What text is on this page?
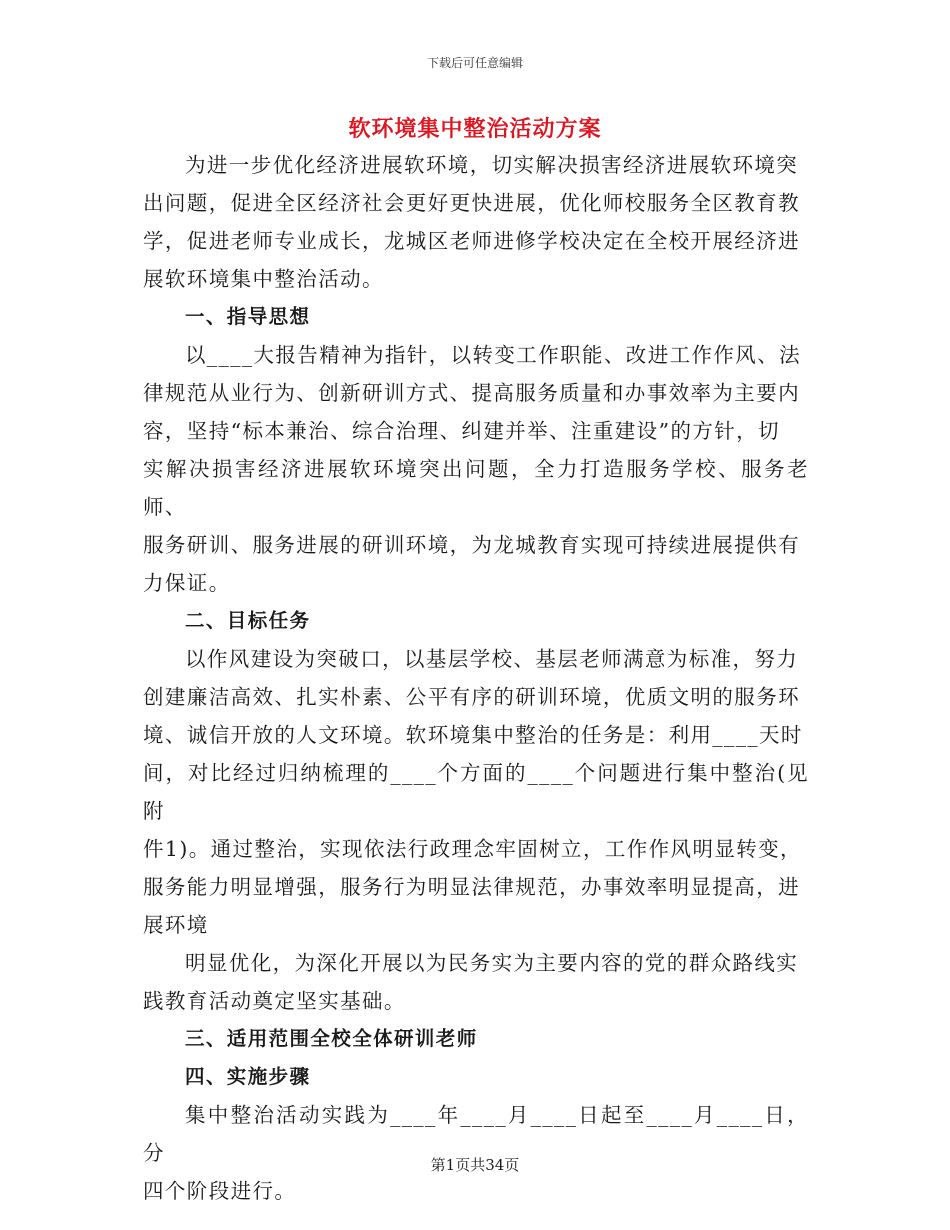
下载后可任意编辑
软环境集中整治活动方案

为进一步优化经济进展软环境，切实解决损害经济进展软环境突
出问题，促进全区经济社会更好更快进展，优化师校服务全区教育教
学，促进老师专业成长，龙城区老师进修学校决定在全校开展经济进
展软环境集中整治活动。

一、指导思想

以____大报告精神为指针，以转变工作职能、改进工作作风、法
律规范从业行为、创新研训方式、提高服务质量和办事效率为主要内
容，坚持“标本兼治、综合治理、纠建并举、注重建设”的方针，切
实解决损害经济进展软环境突出问题，全力打造服务学校、服务老师、
服务研训、服务进展的研训环境，为龙城教育实现可持续进展提供有
力保证。

二、目标任务

以作风建设为突破口，以基层学校、基层老师满意为标准，努力
创建廉洁高效、扎实朴素、公平有序的研训环境，优质文明的服务环
境、诚信开放的人文环境。软环境集中整治的任务是：利用____天时
间，对比经过归纳梳理的____个方面的____个问题进行集中整治(见附
件1)。通过整治，实现依法行政理念牢固树立，工作作风明显转变，
服务能力明显增强，服务行为明显法律规范，办事效率明显提高，进
展环境

明显优化，为深化开展以为民务实为主要内容的党的群众路线实
践教育活动奠定坚实基础。

三、适用范围全校全体研训老师

四、实施步骤

集中整治活动实践为____年____月____日起至____月____日，分
四个阶段进行。

第1页共34页
